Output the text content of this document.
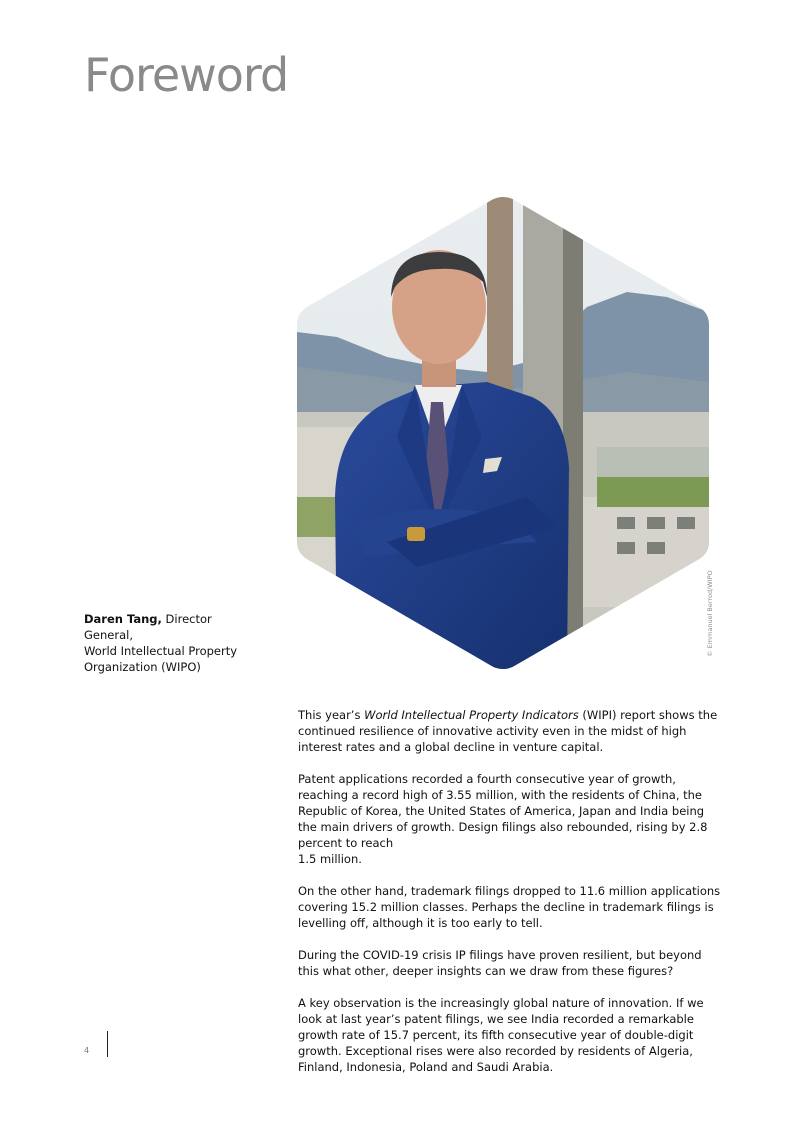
Foreword
© Emmanuel Berrod/WIPO
Daren Tang, Director General,
World Intellectual Property
Organization (WIPO)

This year’s World Intellectual Property Indicators (WIPI) report shows the continued resilience of innovative activity even in the midst of high interest rates and a global decline in venture capital.

Patent applications recorded a fourth consecutive year of growth, reaching a record high of 3.55 million, with the residents of China, the Republic of Korea, the United States of America, Japan and India being the main drivers of growth. Design filings also rebounded, rising by 2.8 percent to reach
1.5 million.

On the other hand, trademark filings dropped to 11.6 million applications covering 15.2 million classes. Perhaps the decline in trademark filings is levelling off, although it is too early to tell.

During the COVID-19 crisis IP filings have proven resilient, but beyond this what other, deeper insights can we draw from these figures?

A key observation is the increasingly global nature of innovation. If we look at last year’s patent filings, we see India recorded a remarkable growth rate of 15.7 percent, its fifth consecutive year of double-digit growth. Exceptional rises were also recorded by residents of Algeria, Finland, Indonesia, Poland and Saudi Arabia.

4
